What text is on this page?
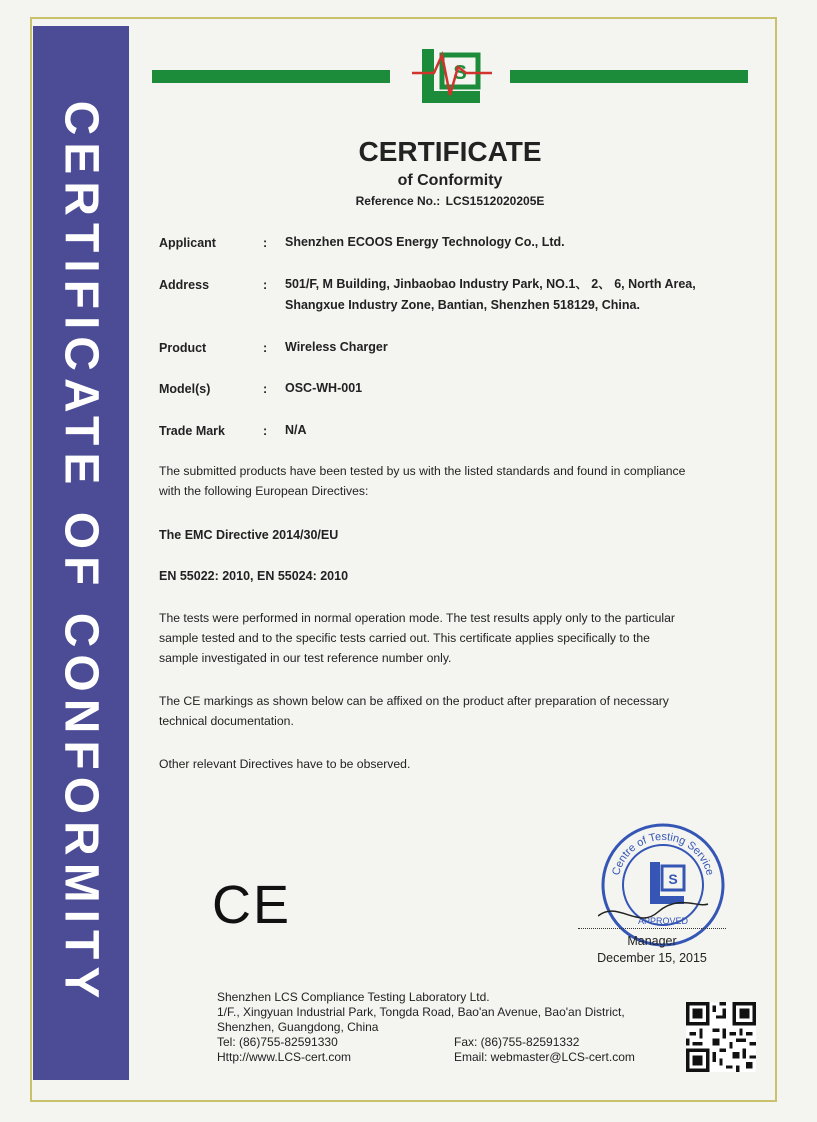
CERTIFICATE OF CONFORMITY
S
CERTIFICATE
of Conformity
Reference No.: LCS1512020205E
Applicant	: Shenzhen ECOOS Energy Technology Co., Ltd.
Address	: 501/F, M Building, Jinbaobao Industry Park, NO.1、 2、 6, North Area,
Shangxue Industry Zone, Bantian, Shenzhen 518129, China.
Product	: Wireless Charger
Model(s)	: OSC-WH-001
Trade Mark	: N/A
The submitted products have been tested by us with the listed standards and found in compliance
with the following European Directives:
The EMC Directive 2014/30/EU
EN 55022: 2010, EN 55024: 2010
The tests were performed in normal operation mode. The test results apply only to the particular
sample tested and to the specific tests carried out. This certificate applies specifically to the
sample investigated in our test reference number only.
The CE markings as shown below can be affixed on the product after preparation of necessary
technical documentation.
Other relevant Directives have to be observed.
CE
Centre of Testing Service
S
APPROVED
Manager
December 15, 2015
Shenzhen LCS Compliance Testing Laboratory Ltd.
1/F., Xingyuan Industrial Park, Tongda Road, Bao'an Avenue, Bao'an District,
Shenzhen, Guangdong, China
Tel: (86)755-82591330	Fax: (86)755-82591332
Http://www.LCS-cert.com	Email: webmaster@LCS-cert.com
